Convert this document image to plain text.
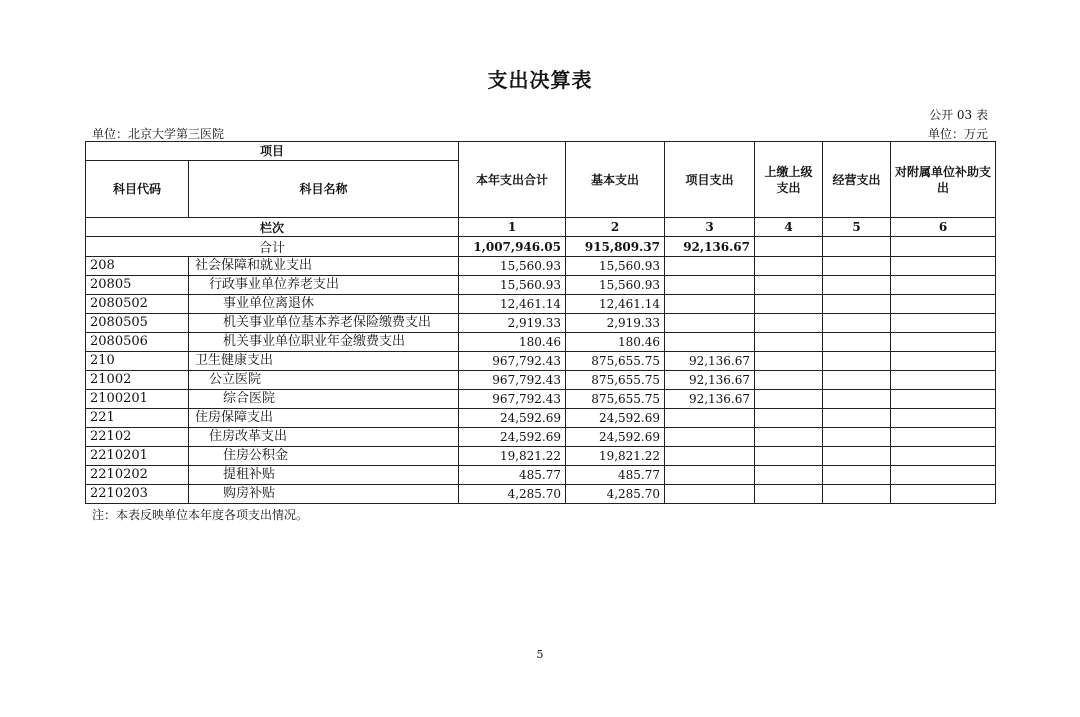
支出决算表
公开 03 表
单位：北京大学第三医院	单位：万元
项目		本年支出合计	基本支出	项目支出	上缴上级支出	经营支出	对附属单位补助支出
科目代码	科目名称						
栏次		1	2	3	4	5	6
合计		1,007,946.05	915,809.37	92,136.67			
208	社会保障和就业支出	15,560.93	15,560.93				
20805	行政事业单位养老支出	15,560.93	15,560.93				
2080502	事业单位离退休	12,461.14	12,461.14				
2080505	机关事业单位基本养老保险缴费支出	2,919.33	2,919.33				
2080506	机关事业单位职业年金缴费支出	180.46	180.46				
210	卫生健康支出	967,792.43	875,655.75	92,136.67			
21002	公立医院	967,792.43	875,655.75	92,136.67			
2100201	综合医院	967,792.43	875,655.75	92,136.67			
221	住房保障支出	24,592.69	24,592.69				
22102	住房改革支出	24,592.69	24,592.69				
2210201	住房公积金	19,821.22	19,821.22				
2210202	提租补贴	485.77	485.77				
2210203	购房补贴	4,285.70	4,285.70				
注：本表反映单位本年度各项支出情况。
5
